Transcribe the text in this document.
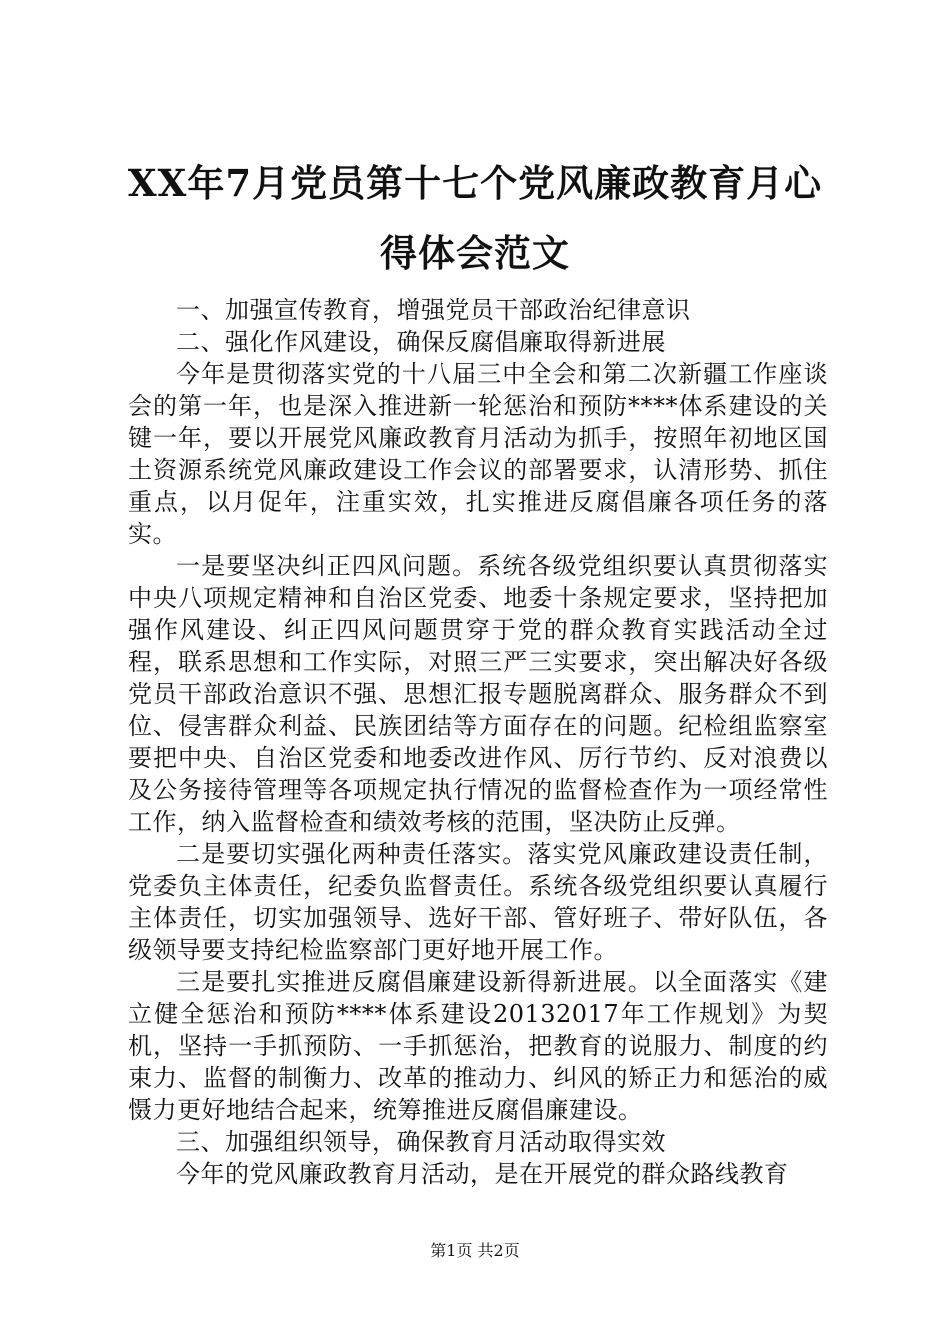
XX年7月党员第十七个党风廉政教育月心得体会范文

一、加强宣传教育，增强党员干部政治纪律意识

二、强化作风建设，确保反腐倡廉取得新进展

今年是贯彻落实党的十八届三中全会和第二次新疆工作座谈会的第一年，也是深入推进新一轮惩治和预防****体系建设的关键一年，要以开展党风廉政教育月活动为抓手，按照年初地区国土资源系统党风廉政建设工作会议的部署要求，认清形势、抓住重点，以月促年，注重实效，扎实推进反腐倡廉各项任务的落实。

一是要坚决纠正四风问题。系统各级党组织要认真贯彻落实中央八项规定精神和自治区党委、地委十条规定要求，坚持把加强作风建设、纠正四风问题贯穿于党的群众教育实践活动全过程，联系思想和工作实际，对照三严三实要求，突出解决好各级党员干部政治意识不强、思想汇报专题脱离群众、服务群众不到位、侵害群众利益、民族团结等方面存在的问题。纪检组监察室要把中央、自治区党委和地委改进作风、厉行节约、反对浪费以及公务接待管理等各项规定执行情况的监督检查作为一项经常性工作，纳入监督检查和绩效考核的范围，坚决防止反弹。

二是要切实强化两种责任落实。落实党风廉政建设责任制，党委负主体责任，纪委负监督责任。系统各级党组织要认真履行主体责任，切实加强领导、选好干部、管好班子、带好队伍，各级领导要支持纪检监察部门更好地开展工作。

三是要扎实推进反腐倡廉建设新得新进展。以全面落实《建立健全惩治和预防****体系建设20132017年工作规划》为契机，坚持一手抓预防、一手抓惩治，把教育的说服力、制度的约束力、监督的制衡力、改革的推动力、纠风的矫正力和惩治的威慑力更好地结合起来，统筹推进反腐倡廉建设。

三、加强组织领导，确保教育月活动取得实效

今年的党风廉政教育月活动，是在开展党的群众路线教育

第1页 共2页
